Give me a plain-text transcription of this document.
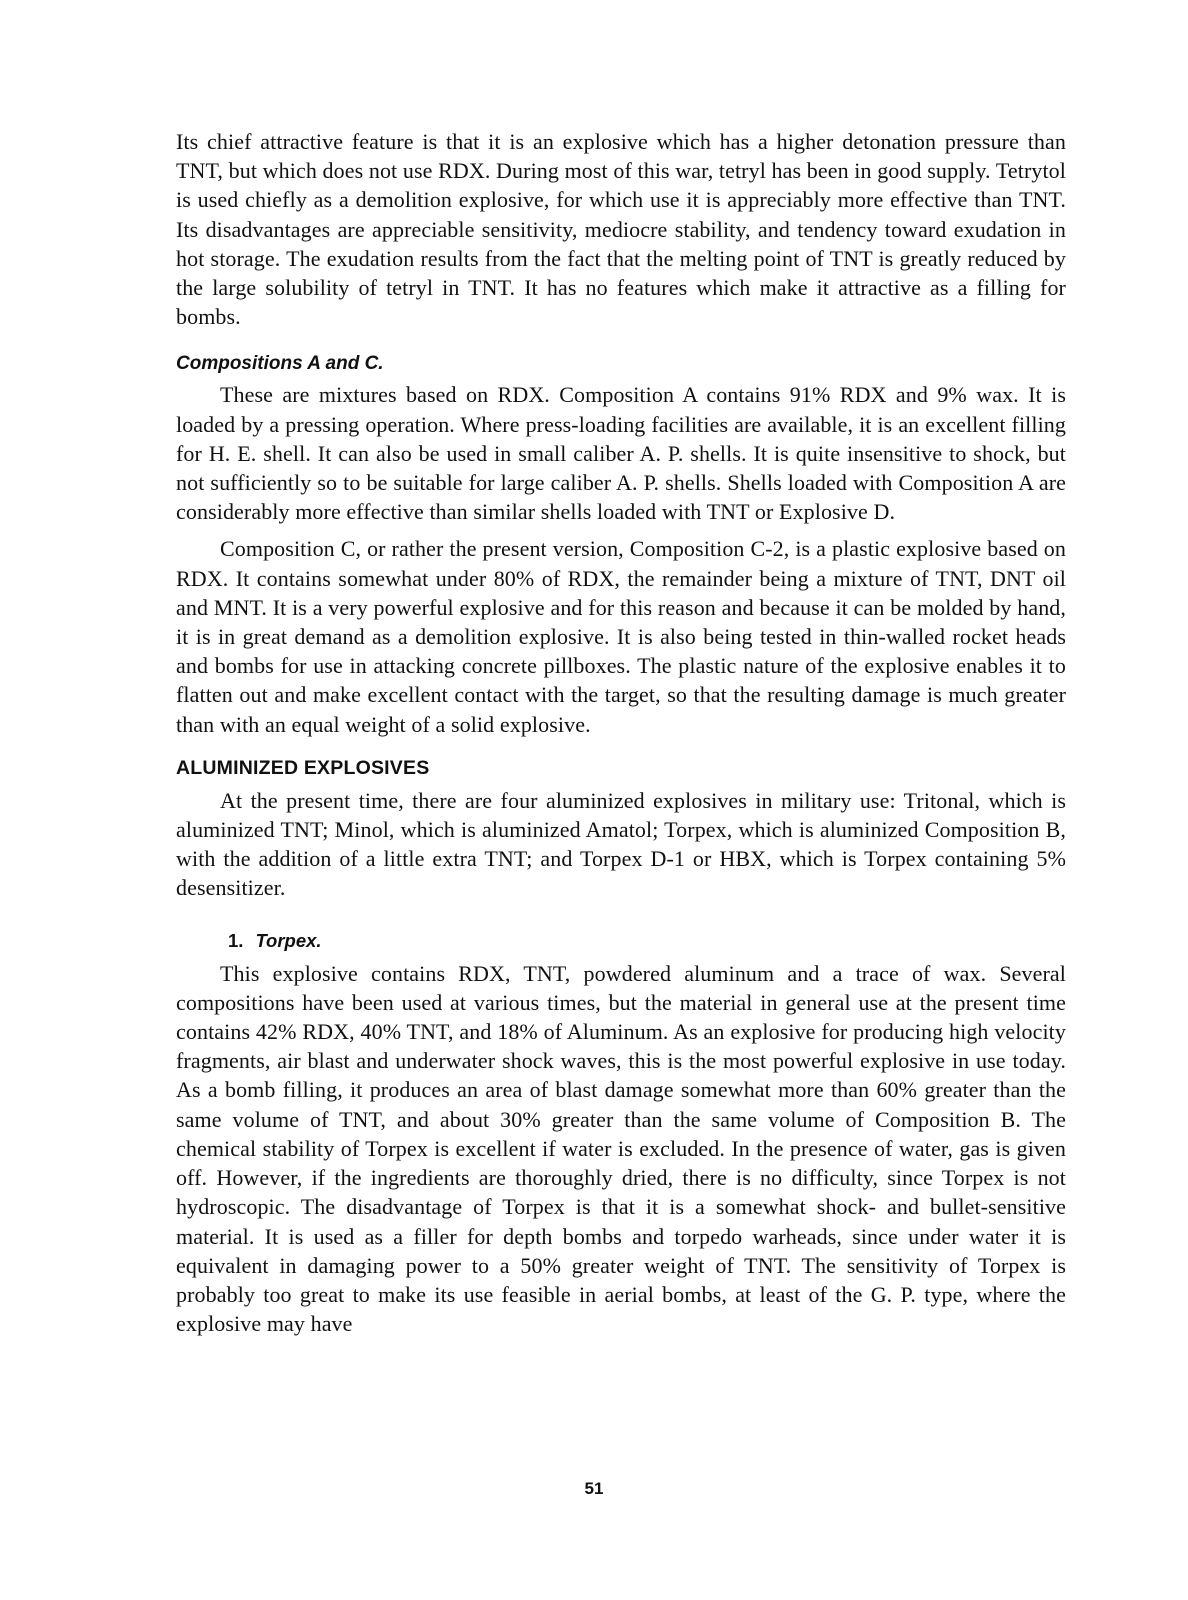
Its chief attractive feature is that it is an explosive which has a higher detonation pressure than TNT, but which does not use RDX. During most of this war, tetryl has been in good supply. Tetrytol is used chiefly as a demolition explosive, for which use it is appreciably more effective than TNT. Its disadvantages are appreciable sensitivity, mediocre stability, and tendency toward exudation in hot storage. The exudation results from the fact that the melting point of TNT is greatly reduced by the large solubility of tetryl in TNT. It has no features which make it attractive as a filling for bombs.

Compositions A and C.

These are mixtures based on RDX. Composition A contains 91% RDX and 9% wax. It is loaded by a pressing operation. Where press-loading facilities are available, it is an excellent filling for H. E. shell. It can also be used in small caliber A. P. shells. It is quite insensitive to shock, but not sufficiently so to be suitable for large caliber A. P. shells. Shells loaded with Composition A are considerably more effective than similar shells loaded with TNT or Explosive D.

Composition C, or rather the present version, Composition C-2, is a plastic explosive based on RDX. It contains somewhat under 80% of RDX, the remainder being a mixture of TNT, DNT oil and MNT. It is a very powerful explosive and for this reason and because it can be molded by hand, it is in great demand as a demolition explosive. It is also being tested in thin-walled rocket heads and bombs for use in attacking concrete pillboxes. The plastic nature of the explosive enables it to flatten out and make excellent contact with the target, so that the resulting damage is much greater than with an equal weight of a solid explosive.

ALUMINIZED EXPLOSIVES

At the present time, there are four aluminized explosives in military use: Tritonal, which is aluminized TNT; Minol, which is aluminized Amatol; Torpex, which is aluminized Composition B, with the addition of a little extra TNT; and Torpex D-1 or HBX, which is Torpex containing 5% desensitizer.

1. Torpex.

This explosive contains RDX, TNT, powdered aluminum and a trace of wax. Several compositions have been used at various times, but the material in general use at the present time contains 42% RDX, 40% TNT, and 18% of Aluminum. As an explosive for producing high velocity fragments, air blast and underwater shock waves, this is the most powerful explosive in use today. As a bomb filling, it produces an area of blast damage somewhat more than 60% greater than the same volume of TNT, and about 30% greater than the same volume of Composition B. The chemical stability of Torpex is excellent if water is excluded. In the presence of water, gas is given off. However, if the ingredients are thoroughly dried, there is no difficulty, since Torpex is not hydroscopic. The disadvantage of Torpex is that it is a somewhat shock- and bullet-sensitive material. It is used as a filler for depth bombs and torpedo warheads, since under water it is equivalent in damaging power to a 50% greater weight of TNT. The sensitivity of Torpex is probably too great to make its use feasible in aerial bombs, at least of the G. P. type, where the explosive may have

51
